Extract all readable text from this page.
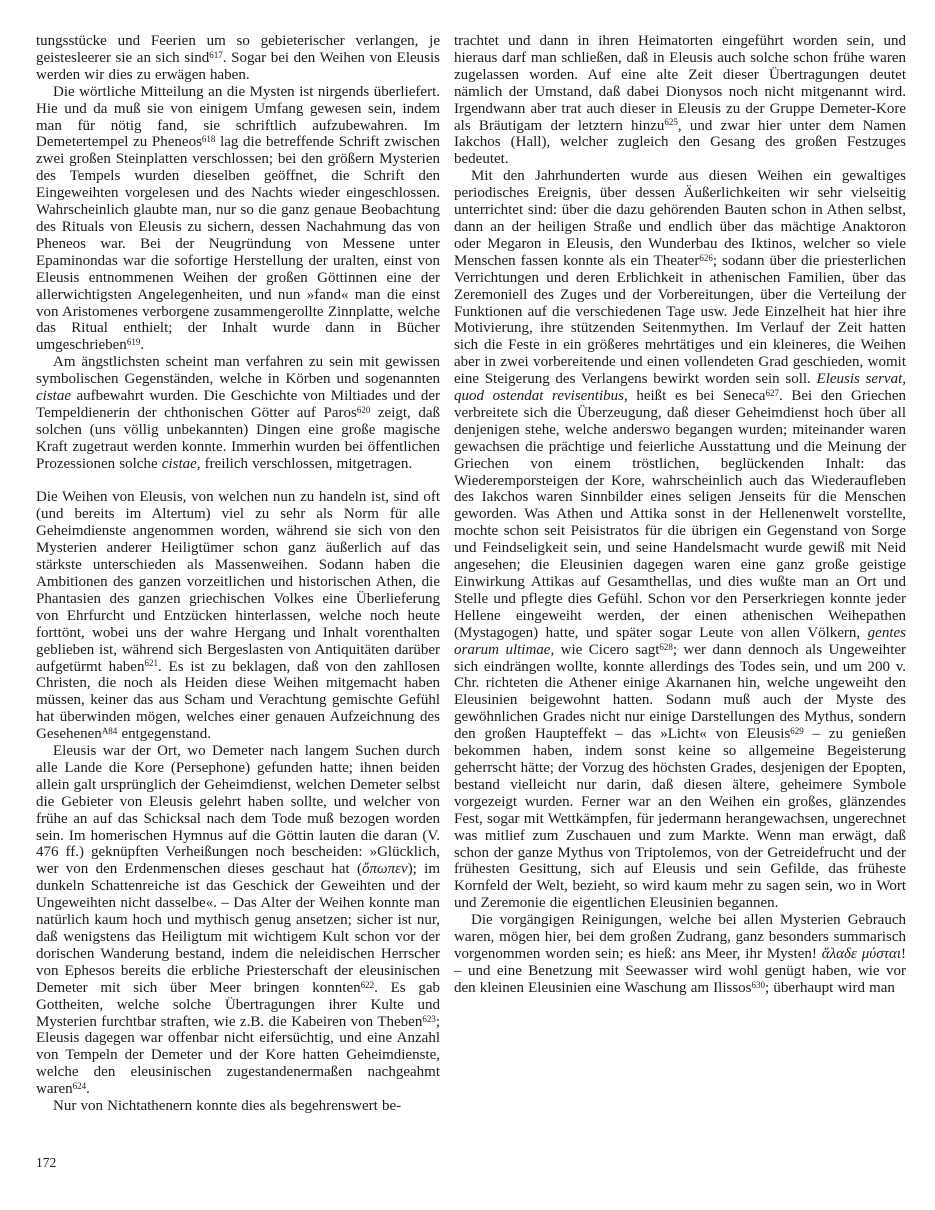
tungsstücke und Feerien um so gebieterischer verlangen, je geistesleerer sie an sich sind$^{617}$. Sogar bei den Weihen von Eleusis werden wir dies zu erwägen haben.

Die wörtliche Mitteilung an die Mysten ist nirgends überliefert. Hie und da muß sie von einigem Umfang gewesen sein, indem man für nötig fand, sie schriftlich aufzubewahren. Im Demetertempel zu Pheneos$^{618}$ lag die betreffende Schrift zwischen zwei großen Steinplatten verschlossen; bei den größern Mysterien des Tempels wurden dieselben geöffnet, die Schrift den Eingeweihten vorgelesen und des Nachts wieder eingeschlossen. Wahrscheinlich glaubte man, nur so die ganz genaue Beobachtung des Rituals von Eleusis zu sichern, dessen Nachahmung das von Pheneos war. Bei der Neugründung von Messene unter Epaminondas war die sofortige Herstellung der uralten, einst von Eleusis entnommenen Weihen der großen Göttinnen eine der allerwichtigsten Angelegenheiten, und nun »fand« man die einst von Aristomenes verborgene zusammengerollte Zinnplatte, welche das Ritual enthielt; der Inhalt wurde dann in Bücher umgeschrieben$^{619}$.

Am ängstlichsten scheint man verfahren zu sein mit gewissen symbolischen Gegenständen, welche in Körben und sogenannten cistae aufbewahrt wurden. Die Geschichte von Miltiades und der Tempeldienerin der chthonischen Götter auf Paros$^{620}$ zeigt, daß solchen (uns völlig unbekannten) Dingen eine große magische Kraft zugetraut werden konnte. Immerhin wurden bei öffentlichen Prozessionen solche cistae, freilich verschlossen, mitgetragen.

Die Weihen von Eleusis, von welchen nun zu handeln ist, sind oft (und bereits im Altertum) viel zu sehr als Norm für alle Geheimdienste angenommen worden, während sie sich von den Mysterien anderer Heiligtümer schon ganz äußerlich auf das stärkste unterschieden als Massenweihen. Sodann haben die Ambitionen des ganzen vorzeitlichen und historischen Athen, die Phantasien des ganzen griechischen Volkes eine Überlieferung von Ehrfurcht und Entzücken hinterlassen, welche noch heute forttönt, wobei uns der wahre Hergang und Inhalt vorenthalten geblieben ist, während sich Bergeslasten von Antiquitäten darüber aufgetürmt haben$^{621}$. Es ist zu beklagen, daß von den zahllosen Christen, die noch als Heiden diese Weihen mitgemacht haben müssen, keiner das aus Scham und Verachtung gemischte Gefühl hat überwinden mögen, welches einer genauen Aufzeichnung des Gesehenen$^{A84}$ entgegenstand.

Eleusis war der Ort, wo Demeter nach langem Suchen durch alle Lande die Kore (Persephone) gefunden hatte; ihnen beiden allein galt ursprünglich der Geheimdienst, welchen Demeter selbst die Gebieter von Eleusis gelehrt haben sollte, und welcher von frühe an auf das Schicksal nach dem Tode muß bezogen worden sein. Im homerischen Hymnus auf die Göttin lauten die daran (V. 476 ff.) geknüpften Verheißungen noch bescheiden: »Glücklich, wer von den Erdenmenschen dieses geschaut hat (ὄπωπεν); im dunkeln Schattenreiche ist das Geschick der Geweihten und der Ungeweihten nicht dasselbe«. – Das Alter der Weihen konnte man natürlich kaum hoch und mythisch genug ansetzen; sicher ist nur, daß wenigstens das Heiligtum mit wichtigem Kult schon vor der dorischen Wanderung bestand, indem die neleidischen Herrscher von Ephesos bereits die erbliche Priesterschaft der eleusinischen Demeter mit sich über Meer bringen konnten$^{622}$. Es gab Gottheiten, welche solche Übertragungen ihrer Kulte und Mysterien furchtbar straften, wie z.B. die Kabeiren von Theben$^{623}$; Eleusis dagegen war offenbar nicht eifersüchtig, und eine Anzahl von Tempeln der Demeter und der Kore hatten Geheimdienste, welche den eleusinischen zugestandenermaßen nachgeahmt waren$^{624}$.

Nur von Nichtathenern konnte dies als begehrenswert be-

trachtet und dann in ihren Heimatorten eingeführt worden sein, und hieraus darf man schließen, daß in Eleusis auch solche schon frühe waren zugelassen worden. Auf eine alte Zeit dieser Übertragungen deutet nämlich der Umstand, daß dabei Dionysos noch nicht mitgenannt wird. Irgendwann aber trat auch dieser in Eleusis zu der Gruppe Demeter-Kore als Bräutigam der letztern hinzu$^{625}$, und zwar hier unter dem Namen Iakchos (Hall), welcher zugleich den Gesang des großen Festzuges bedeutet.

Mit den Jahrhunderten wurde aus diesen Weihen ein gewaltiges periodisches Ereignis, über dessen Äußerlichkeiten wir sehr vielseitig unterrichtet sind: über die dazu gehörenden Bauten schon in Athen selbst, dann an der heiligen Straße und endlich über das mächtige Anaktoron oder Megaron in Eleusis, den Wunderbau des Iktinos, welcher so viele Menschen fassen konnte als ein Theater$^{626}$; sodann über die priesterlichen Verrichtungen und deren Erblichkeit in athenischen Familien, über das Zeremoniell des Zuges und der Vorbereitungen, über die Verteilung der Funktionen auf die verschiedenen Tage usw. Jede Einzelheit hat hier ihre Motivierung, ihre stützenden Seitenmythen. Im Verlauf der Zeit hatten sich die Feste in ein größeres mehrtätiges und ein kleineres, die Weihen aber in zwei vorbereitende und einen vollendeten Grad geschieden, womit eine Steigerung des Verlangens bewirkt worden sein soll. Eleusis servat, quod ostendat revisentibus, heißt es bei Seneca$^{627}$. Bei den Griechen verbreitete sich die Überzeugung, daß dieser Geheimdienst hoch über all denjenigen stehe, welche anderswo begangen wurden; miteinander waren gewachsen die prächtige und feierliche Ausstattung und die Meinung der Griechen von einem tröstlichen, beglückenden Inhalt: das Wiederemporsteigen der Kore, wahrscheinlich auch das Wiederaufleben des Iakchos waren Sinnbilder eines seligen Jenseits für die Menschen geworden. Was Athen und Attika sonst in der Hellenenwelt vorstellte, mochte schon seit Peisistratos für die übrigen ein Gegenstand von Sorge und Feindseligkeit sein, und seine Handelsmacht wurde gewiß mit Neid angesehen; die Eleusinien dagegen waren eine ganz große geistige Einwirkung Attikas auf Gesamthellas, und dies wußte man an Ort und Stelle und pflegte dies Gefühl. Schon vor den Perserkriegen konnte jeder Hellene eingeweiht werden, der einen athenischen Weihepathen (Mystagogen) hatte, und später sogar Leute von allen Völkern, gentes orarum ultimae, wie Cicero sagt$^{628}$; wer dann dennoch als Ungeweihter sich eindrängen wollte, konnte allerdings des Todes sein, und um 200 v. Chr. richteten die Athener einige Akarnanen hin, welche ungeweiht den Eleusinien beigewohnt hatten. Sodann muß auch der Myste des gewöhnlichen Grades nicht nur einige Darstellungen des Mythus, sondern den großen Haupteffekt – das »Licht« von Eleusis$^{629}$ – zu genießen bekommen haben, indem sonst keine so allgemeine Begeisterung geherrscht hätte; der Vorzug des höchsten Grades, desjenigen der Epopten, bestand vielleicht nur darin, daß diesen ältere, geheimere Symbole vorgezeigt wurden. Ferner war an den Weihen ein großes, glänzendes Fest, sogar mit Wettkämpfen, für jedermann herangewachsen, ungerechnet was mitlief zum Zuschauen und zum Markte. Wenn man erwägt, daß schon der ganze Mythus von Triptolemos, von der Getreidefrucht und der frühesten Gesittung, sich auf Eleusis und sein Gefilde, das früheste Kornfeld der Welt, bezieht, so wird kaum mehr zu sagen sein, wo in Wort und Zeremonie die eigentlichen Eleusinien begannen.

Die vorgängigen Reinigungen, welche bei allen Mysterien Gebrauch waren, mögen hier, bei dem großen Zudrang, ganz besonders summarisch vorgenommen worden sein; es hieß: ans Meer, ihr Mysten! ἅλαδε μύσται! – und eine Benetzung mit Seewasser wird wohl genügt haben, wie vor den kleinen Eleusinien eine Waschung am Ilissos$^{630}$; überhaupt wird man

172
